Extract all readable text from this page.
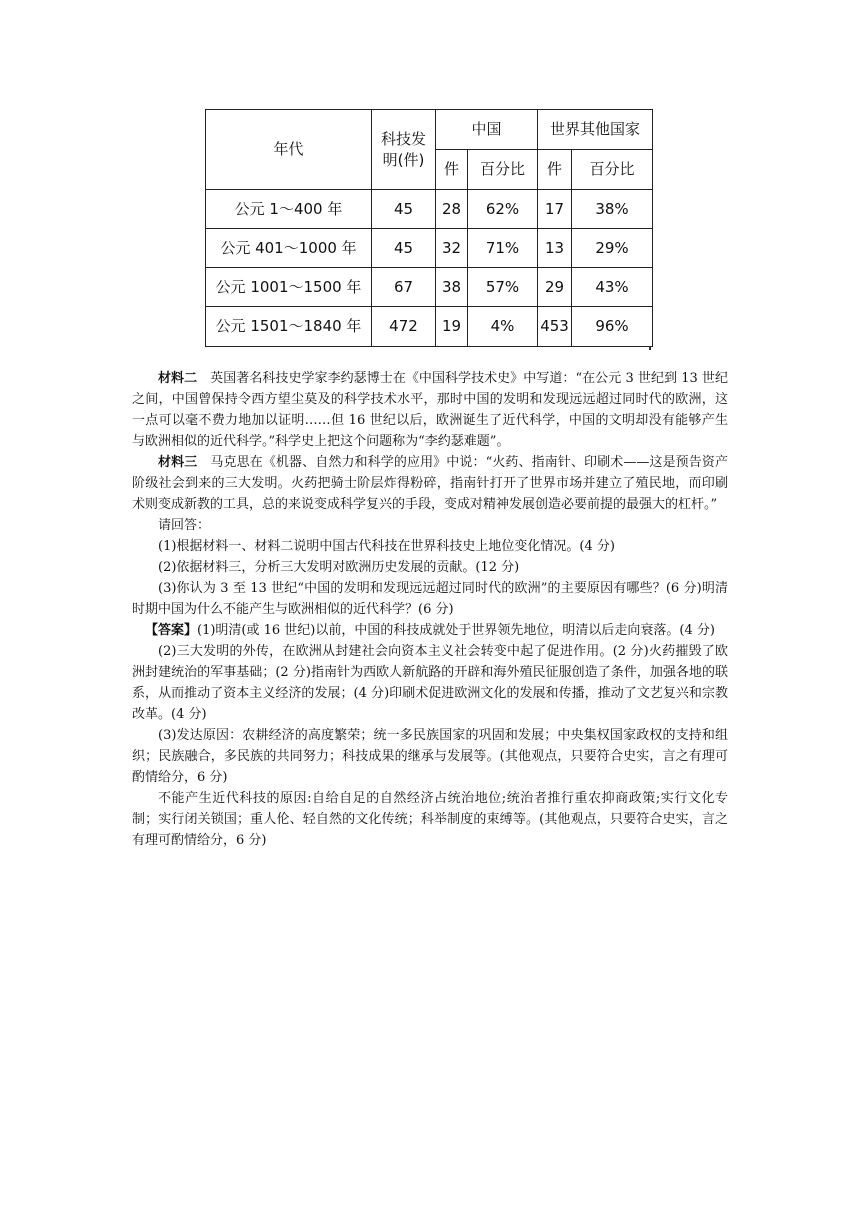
年代	科技发明(件)	中国		世界其他国家	
		件	百分比	件	百分比
公元 1～400 年	45	28	62%	17	38%
公元 401～1000 年	45	32	71%	13	29%
公元 1001～1500 年	67	38	57%	29	43%
公元 1501～1840 年	472	19	4%	453	96%

材料二  英国著名科技史学家李约瑟博士在《中国科学技术史》中写道：“在公元 3 世纪到 13 世纪之间，中国曾保持令西方望尘莫及的科学技术水平，那时中国的发明和发现远远超过同时代的欧洲，这一点可以毫不费力地加以证明……但 16 世纪以后，欧洲诞生了近代科学，中国的文明却没有能够产生与欧洲相似的近代科学。”科学史上把这个问题称为“李约瑟难题”。

材料三  马克思在《机器、自然力和科学的应用》中说：“火药、指南针、印刷术——这是预告资产阶级社会到来的三大发明。火药把骑士阶层炸得粉碎，指南针打开了世界市场并建立了殖民地，而印刷术则变成新教的工具，总的来说变成科学复兴的手段，变成对精神发展创造必要前提的最强大的杠杆。”

请回答：

(1)根据材料一、材料二说明中国古代科技在世界科技史上地位变化情况。(4 分)

(2)依据材料三，分析三大发明对欧洲历史发展的贡献。(12 分)

(3)你认为 3 至 13 世纪“中国的发明和发现远远超过同时代的欧洲”的主要原因有哪些？(6 分)明清时期中国为什么不能产生与欧洲相似的近代科学？(6 分)

【答案】(1)明清(或 16 世纪)以前，中国的科技成就处于世界领先地位，明清以后走向衰落。(4 分)

(2)三大发明的外传，在欧洲从封建社会向资本主义社会转变中起了促进作用。(2 分)火药摧毁了欧洲封建统治的军事基础；(2 分)指南针为西欧人新航路的开辟和海外殖民征服创造了条件，加强各地的联系，从而推动了资本主义经济的发展；(4 分)印刷术促进欧洲文化的发展和传播，推动了文艺复兴和宗教改革。(4 分)

(3)发达原因：农耕经济的高度繁荣；统一多民族国家的巩固和发展；中央集权国家政权的支持和组织；民族融合，多民族的共同努力；科技成果的继承与发展等。(其他观点，只要符合史实，言之有理可酌情给分，6 分)

不能产生近代科技的原因:自给自足的自然经济占统治地位;统治者推行重农抑商政策;实行文化专制；实行闭关锁国；重人伦、轻自然的文化传统；科举制度的束缚等。(其他观点，只要符合史实，言之有理可酌情给分，6 分)
